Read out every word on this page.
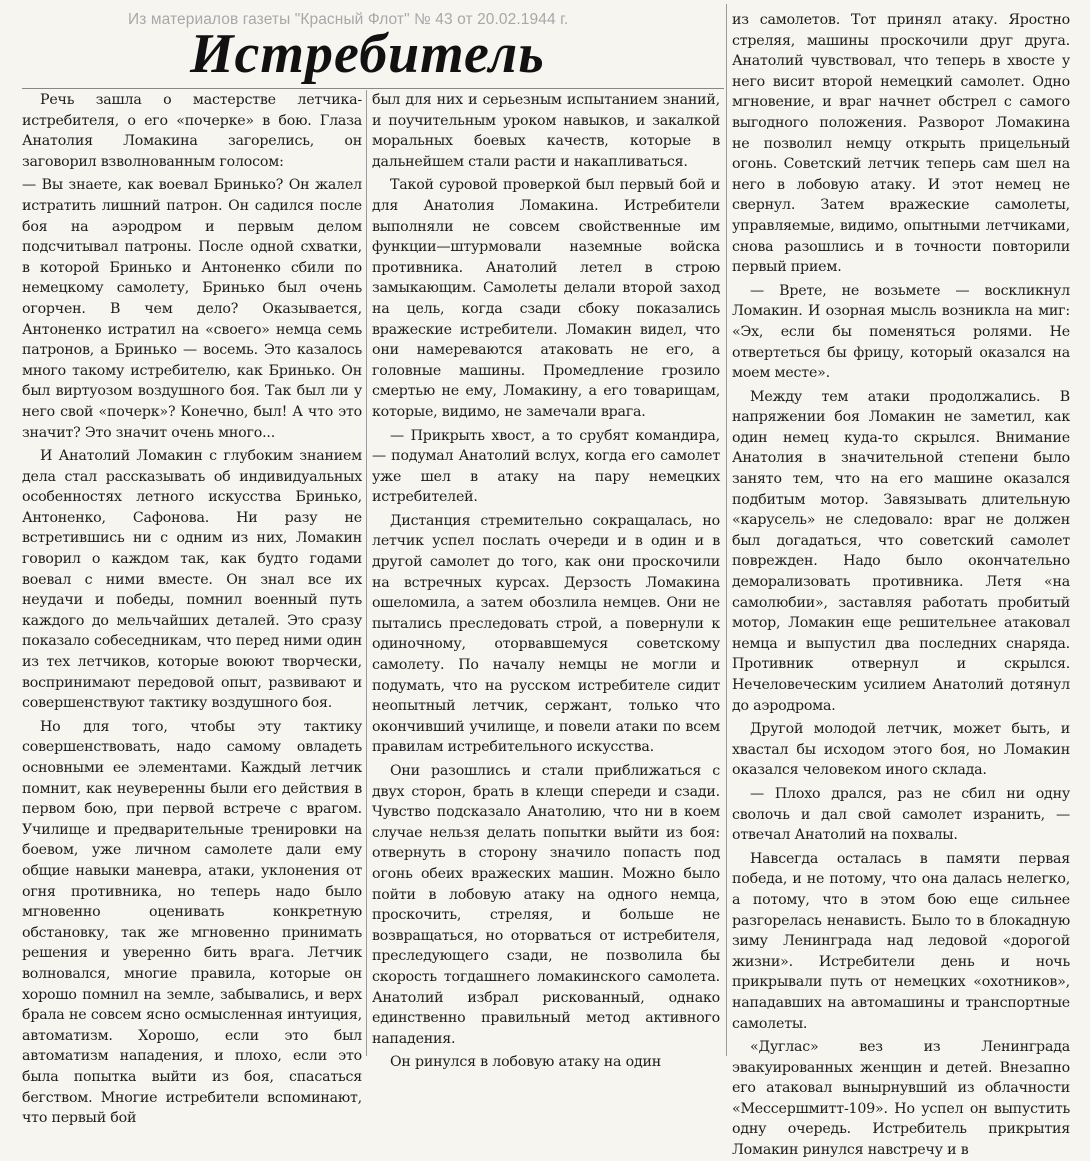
Из материалов газеты "Красный Флот" № 43 от 20.02.1944 г.
Истребитель

Речь зашла о мастерстве летчика-истребителя, о его «почерке» в бою. Глаза Анатолия Ломакина загорелись, он заговорил взволнованным голосом:

— Вы знаете, как воевал Бринько? Он жалел истратить лишний патрон. Он садился после боя на аэродром и первым делом подсчитывал патроны. После одной схватки, в которой Бринько и Антоненко сбили по немецкому самолету, Бринько был очень огорчен. В чем дело? Оказывается, Антоненко истратил на «своего» немца семь патронов, а Бринько — восемь. Это казалось много такому истребителю, как Бринько. Он был виртуозом воздушного боя. Так был ли у него свой «почерк»? Конечно, был! А что это значит? Это значит очень много...

И Анатолий Ломакин с глубоким знанием дела стал рассказывать об индивидуальных особенностях летного искусства Бринько, Антоненко, Сафонова. Ни разу не встретившись ни с одним из них, Ломакин говорил о каждом так, как будто годами воевал с ними вместе. Он знал все их неудачи и победы, помнил военный путь каждого до мельчайших деталей. Это сразу показало собеседникам, что перед ними один из тех летчиков, которые воюют творчески, воспринимают передовой опыт, развивают и совершенствуют тактику воздушного боя.

Но для того, чтобы эту тактику совершенствовать, надо самому овладеть основными ее элементами. Каждый летчик помнит, как неуверенны были его действия в первом бою, при первой встрече с врагом. Училище и предварительные тренировки на боевом, уже личном самолете дали ему общие навыки маневра, атаки, уклонения от огня противника, но теперь надо было мгновенно оценивать конкретную обстановку, так же мгновенно принимать решения и уверенно бить врага. Летчик волновался, многие правила, которые он хорошо помнил на земле, забывались, и верх брала не совсем ясно осмысленная интуиция, автоматизм. Хорошо, если это был автоматизм нападения, и плохо, если это была попытка выйти из боя, спасаться бегством. Многие истребители вспоминают, что первый бой

был для них и серьезным испытанием знаний, и поучительным уроком навыков, и закалкой моральных боевых качеств, которые в дальнейшем стали расти и накапливаться.

Такой суровой проверкой был первый бой и для Анатолия Ломакина. Истребители выполняли не совсем свойственные им функции—штурмовали наземные войска противника. Анатолий летел в строю замыкающим. Самолеты делали второй заход на цель, когда сзади сбоку показались вражеские истребители. Ломакин видел, что они намереваются атаковать не его, а головные машины. Промедление грозило смертью не ему, Ломакину, а его товарищам, которые, видимо, не замечали врага.

— Прикрыть хвост, а то срубят командира, — подумал Анатолий вслух, когда его самолет уже шел в атаку на пару немецких истребителей.

Дистанция стремительно сокращалась, но летчик успел послать очереди и в один и в другой самолет до того, как они проскочили на встречных курсах. Дерзость Ломакина ошеломила, а затем обозлила немцев. Они не пытались преследовать строй, а повернули к одиночному, оторвавшемуся советскому самолету. По началу немцы не могли и подумать, что на русском истребителе сидит неопытный летчик, сержант, только что окончивший училище, и повели атаки по всем правилам истребительного искусства.

Они разошлись и стали приближаться с двух сторон, брать в клещи спереди и сзади. Чувство подсказало Анатолию, что ни в коем случае нельзя делать попытки выйти из боя: отвернуть в сторону значило попасть под огонь обеих вражеских машин. Можно было пойти в лобовую атаку на одного немца, проскочить, стреляя, и больше не возвращаться, но оторваться от истребителя, преследующего сзади, не позволила бы скорость тогдашнего ломакинского самолета. Анатолий избрал рискованный, однако единственно правильный метод активного нападения.

Он ринулся в лобовую атаку на один

из самолетов. Тот принял атаку. Яростно стреляя, машины проскочили друг друга. Анатолий чувствовал, что теперь в хвосте у него висит второй немецкий самолет. Одно мгновение, и враг начнет обстрел с самого выгодного положения. Разворот Ломакина не позволил немцу открыть прицельный огонь. Советский летчик теперь сам шел на него в лобовую атаку. И этот немец не свернул. Затем вражеские самолеты, управляемые, видимо, опытными летчиками, снова разошлись и в точности повторили первый прием.

— Врете, не возьмете — воскликнул Ломакин. И озорная мысль возникла на миг: «Эх, если бы поменяться ролями. Не отвертеться бы фрицу, который оказался на моем месте».

Между тем атаки продолжались. В напряжении боя Ломакин не заметил, как один немец куда-то скрылся. Внимание Анатолия в значительной степени было занято тем, что на его машине оказался подбитым мотор. Завязывать длительную «карусель» не следовало: враг не должен был догадаться, что советский самолет поврежден. Надо было окончательно деморализовать противника. Летя «на самолюбии», заставляя работать пробитый мотор, Ломакин еще решительнее атаковал немца и выпустил два последних снаряда. Противник отвернул и скрылся. Нечеловеческим усилием Анатолий дотянул до аэродрома.

Другой молодой летчик, может быть, и хвастал бы исходом этого боя, но Ломакин оказался человеком иного склада.

— Плохо дрался, раз не сбил ни одну сволочь и дал свой самолет изранить, — отвечал Анатолий на похвалы.

Навсегда осталась в памяти первая победа, и не потому, что она далась нелегко, а потому, что в этом бою еще сильнее разгорелась ненависть. Было то в блокадную зиму Ленинграда над ледовой «дорогой жизни». Истребители день и ночь прикрывали путь от немецких «охотников», нападавших на автомашины и транспортные самолеты.

«Дуглас» вез из Ленинграда эвакуированных женщин и детей. Внезапно его атаковал вынырнувший из облачности «Мессершмитт-109». Но успел он выпустить одну очередь. Истребитель прикрытия Ломакин ринулся навстречу и в
